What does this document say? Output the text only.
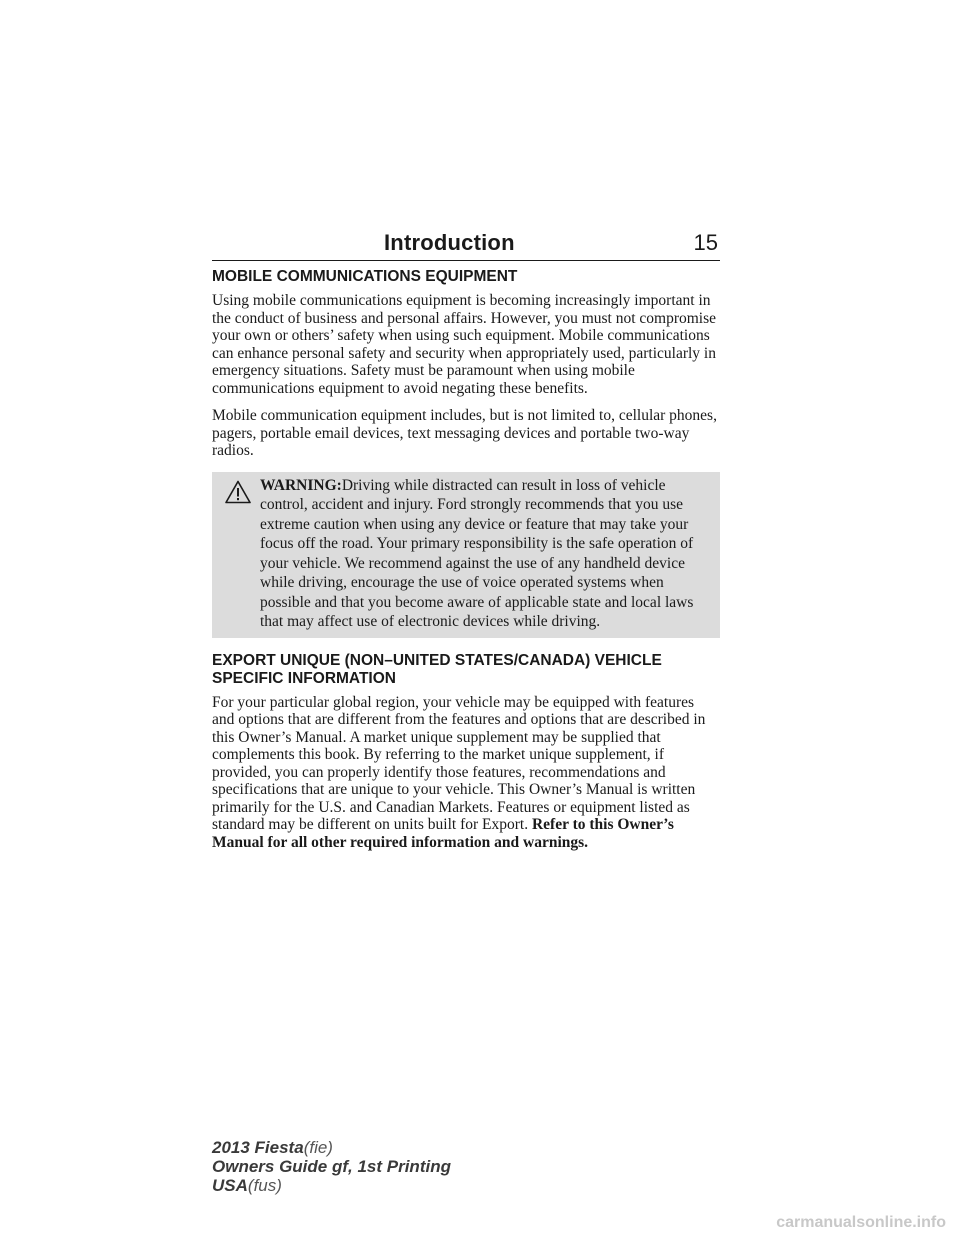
Introduction	15
MOBILE COMMUNICATIONS EQUIPMENT

Using mobile communications equipment is becoming increasingly important in the conduct of business and personal affairs. However, you must not compromise your own or others’ safety when using such equipment. Mobile communications can enhance personal safety and security when appropriately used, particularly in emergency situations. Safety must be paramount when using mobile communications equipment to avoid negating these benefits.

Mobile communication equipment includes, but is not limited to, cellular phones, pagers, portable email devices, text messaging devices and portable two-way radios.

WARNING:Driving while distracted can result in loss of vehicle control, accident and injury. Ford strongly recommends that you use extreme caution when using any device or feature that may take your focus off the road. Your primary responsibility is the safe operation of your vehicle. We recommend against the use of any handheld device while driving, encourage the use of voice operated systems when possible and that you become aware of applicable state and local laws that may affect use of electronic devices while driving.
EXPORT UNIQUE (NON–UNITED STATES/CANADA) VEHICLE SPECIFIC INFORMATION

For your particular global region, your vehicle may be equipped with features and options that are different from the features and options that are described in this Owner’s Manual. A market unique supplement may be supplied that complements this book. By referring to the market unique supplement, if provided, you can properly identify those features, recommendations and specifications that are unique to your vehicle. This Owner’s Manual is written primarily for the U.S. and Canadian Markets. Features or equipment listed as standard may be different on units built for Export. Refer to this Owner’s Manual for all other required information and warnings.

2013 Fiesta(fie)
Owners Guide gf, 1st Printing
USA(fus)
carmanualsonline.info
